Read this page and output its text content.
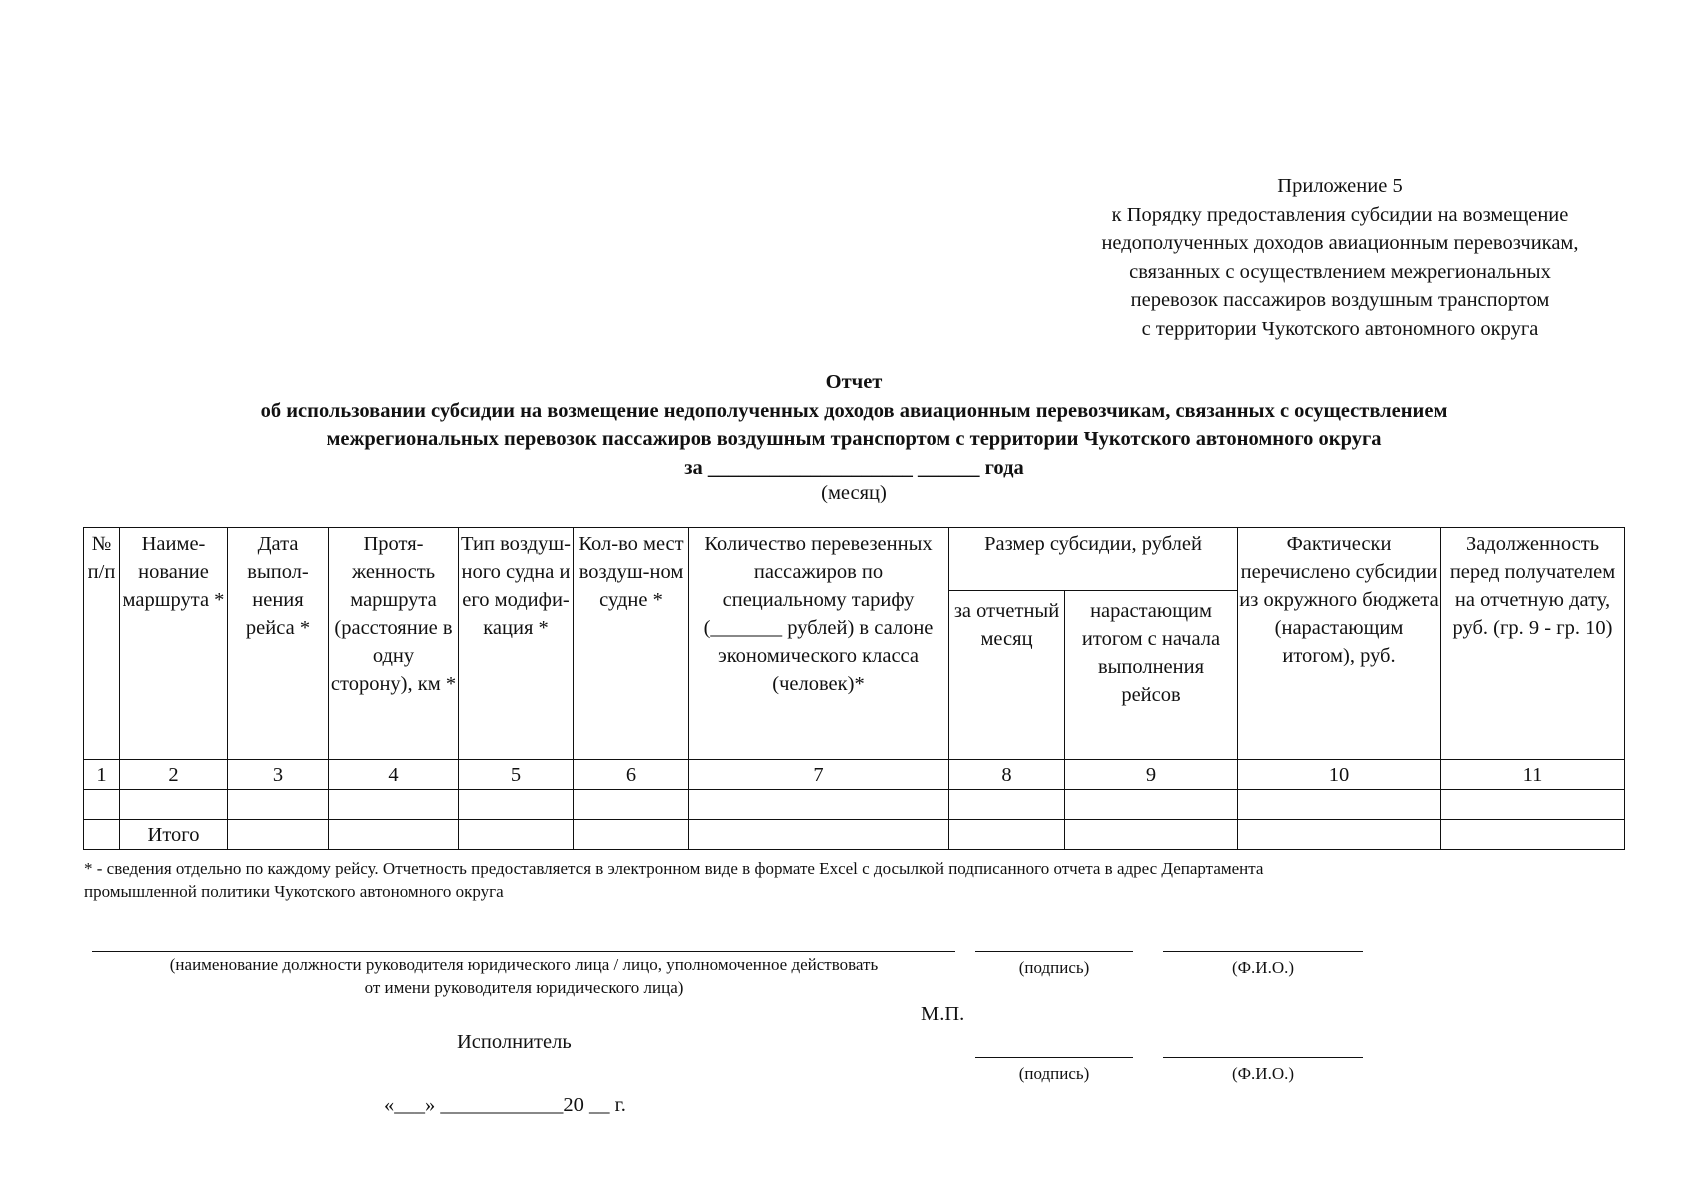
Приложение 5
к Порядку предоставления субсидии на возмещение
недополученных доходов авиационным перевозчикам,
связанных с осуществлением межрегиональных
перевозок пассажиров воздушным транспортом
с территории Чукотского автономного округа
Отчет
об использовании субсидии на возмещение недополученных доходов авиационным перевозчикам, связанных с осуществлением
межрегиональных перевозок пассажиров воздушным транспортом с территории Чукотского автономного округа
за ____________________ ______ года
(месяц)
№ п/п	Наиме-нование маршрута *	Дата выпол-нения рейса *	Протя-женность маршрута (расстояние в одну сторону), км *	Тип воздуш-ного судна и его модифи-кация *	Кол-во мест воздуш-ном судне *	Количество перевезенных пассажиров по специальному тарифу (_______ рублей) в салоне экономического класса (человек)*	Размер субсидии, рублей		Фактически перечислено субсидии из окружного бюджета (нарастающим итогом), руб.	Задолженность перед получателем на отчетную дату, руб. (гр. 9 - гр. 10)
							за отчетный месяц	нарастающим итогом с начала выполнения рейсов		
1	2	3	4	5	6	7	8	9	10	11

	Итого									
* - сведения отдельно по каждому рейсу. Отчетность предоставляется в электронном виде в формате Excel с досылкой подписанного отчета в адрес Департамента
промышленной политики Чукотского автономного округа
(наименование должности руководителя юридического лица / лицо, уполномоченное действовать
от имени руководителя юридического лица)
(подпись)	(Ф.И.О.)
М.П.
Исполнитель
(подпись)	(Ф.И.О.)
«___» ____________20 __ г.
